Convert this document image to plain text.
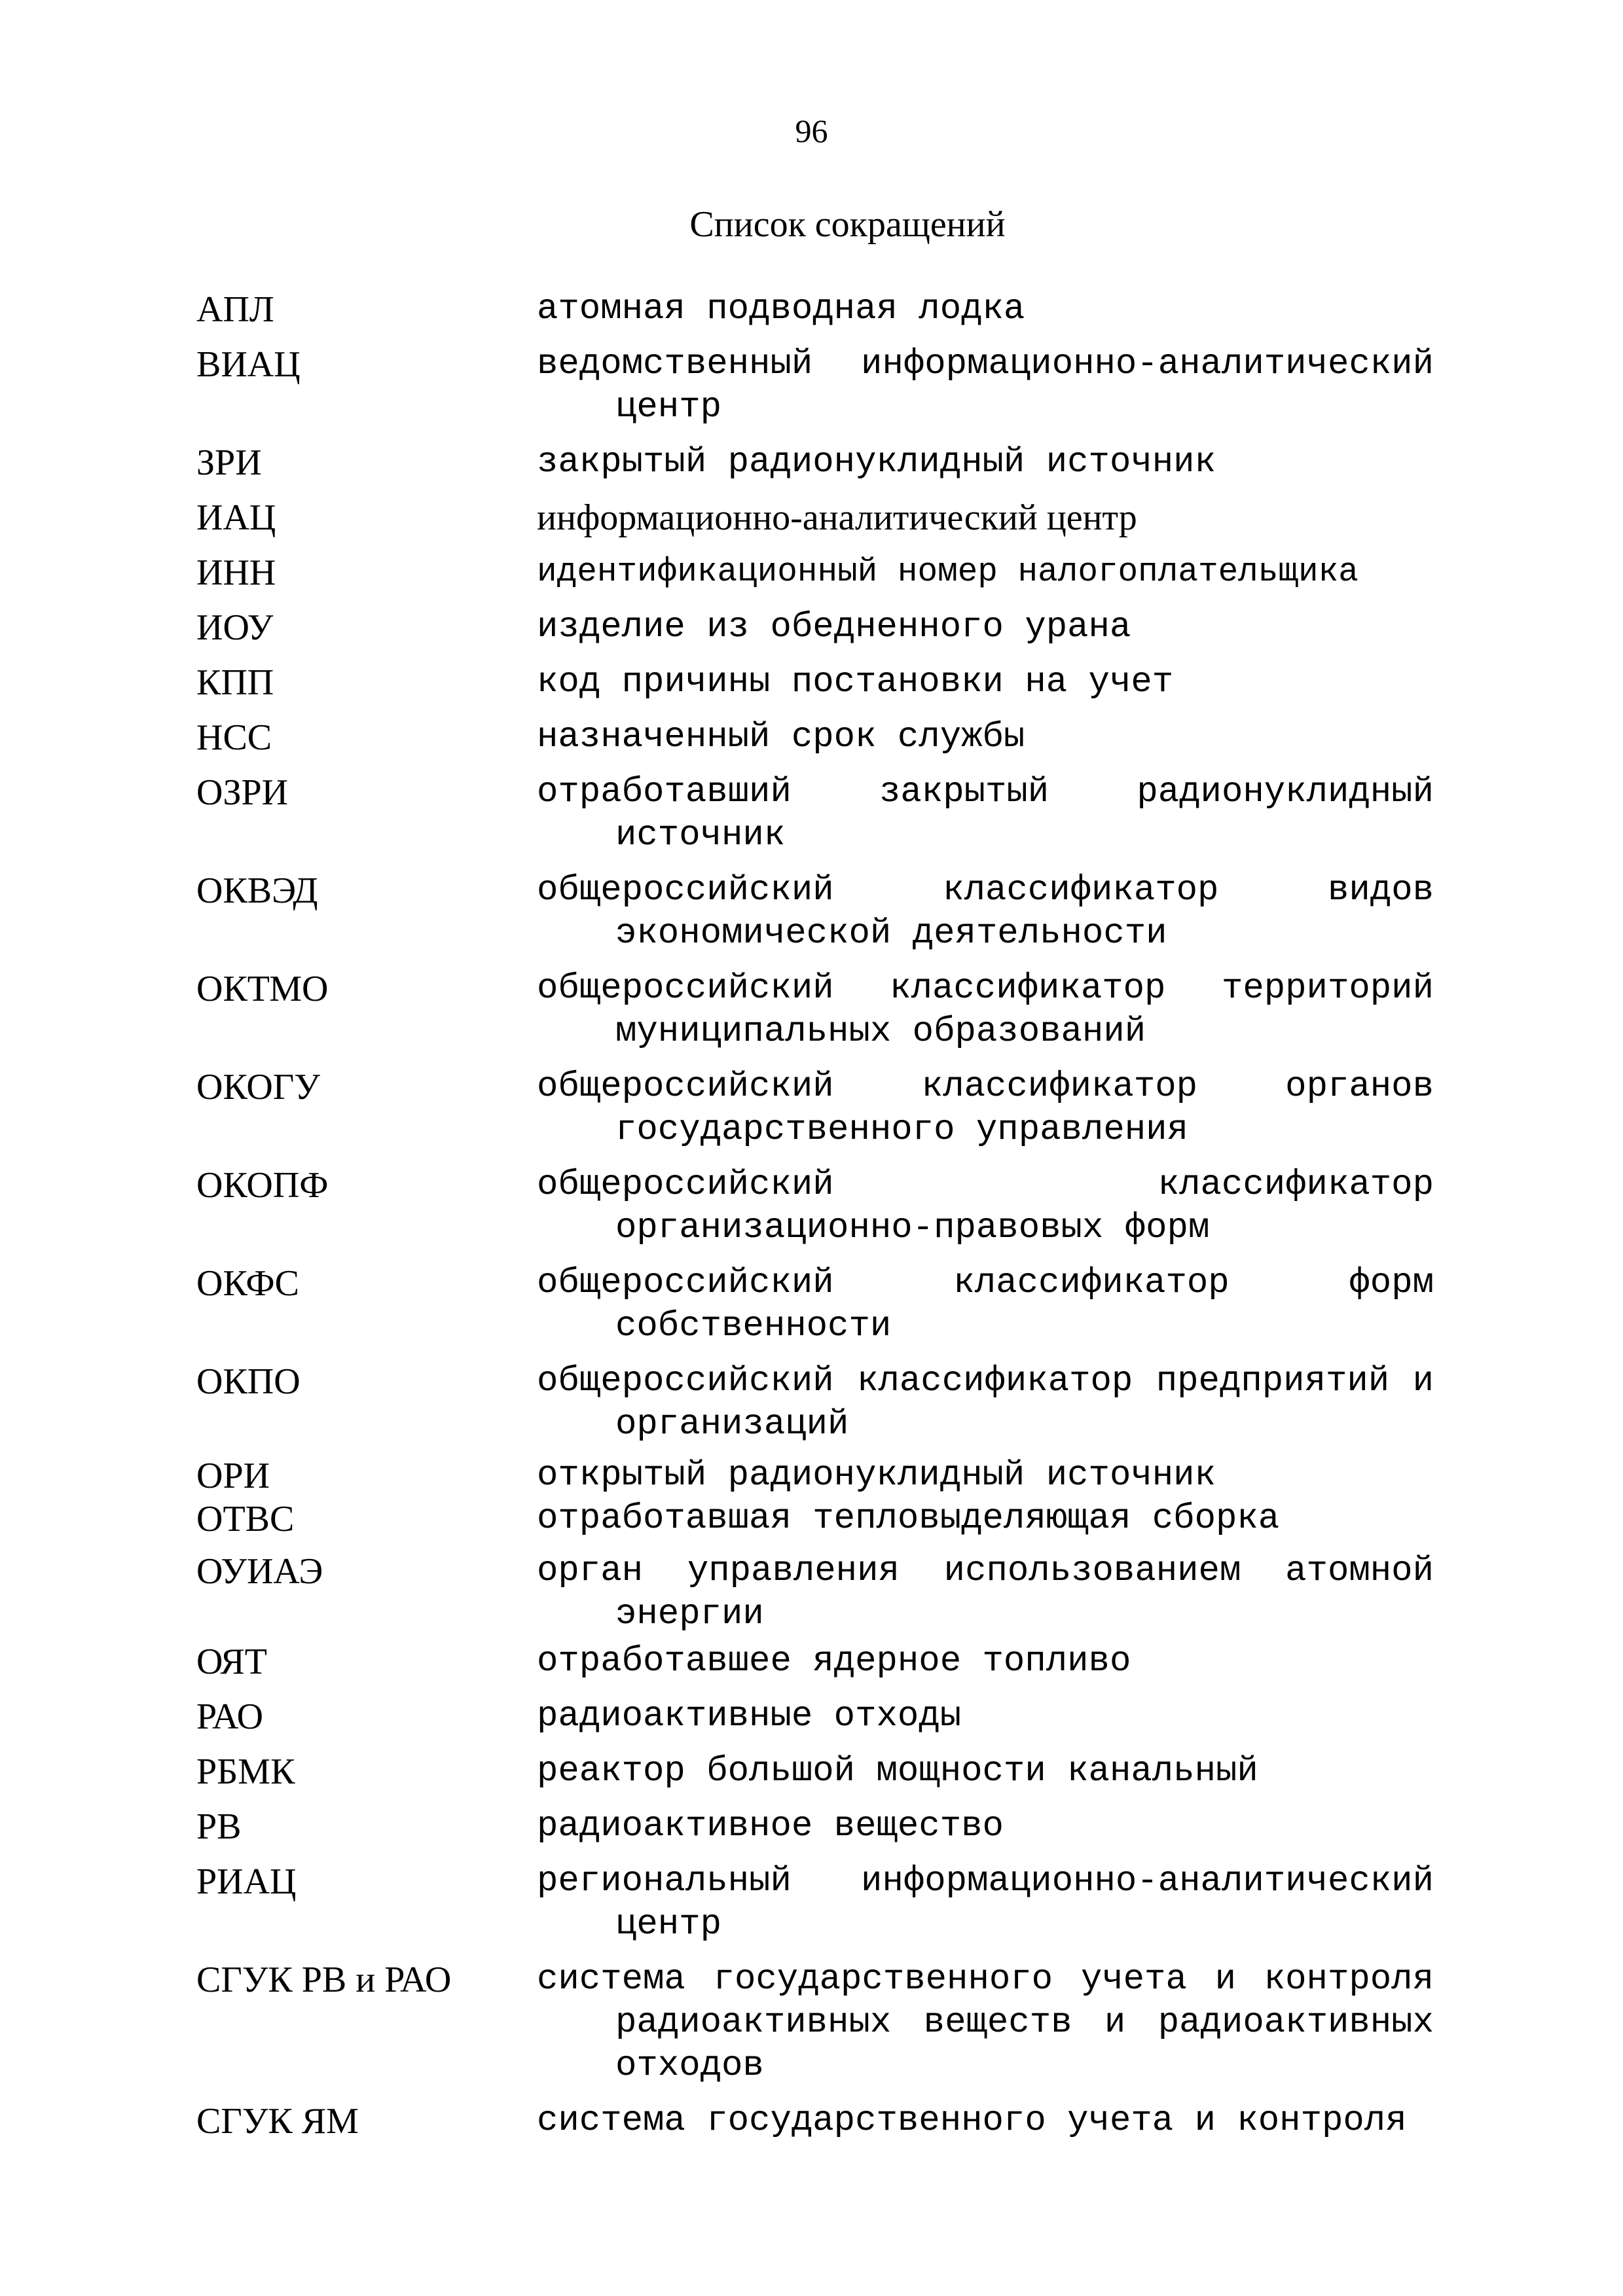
96
Список сокращений
АПЛ	атомная подводная лодка
ВИАЦ	ведомственный информационно-аналитический центр
ЗРИ	закрытый радионуклидный источник
ИАЦ	информационно-аналитический центр
ИНН	идентификационный номер налогоплательщика
ИОУ	изделие из обедненного урана
КПП	код причины постановки на учет
НСС	назначенный срок службы
ОЗРИ	отработавший закрытый радионуклидный источник
ОКВЭД	общероссийский классификатор видов экономической деятельности
ОКТМО	общероссийский классификатор территорий муниципальных образований
ОКОГУ	общероссийский классификатор органов государственного управления
ОКОПФ	общероссийский классификатор организационно-правовых форм
ОКФС	общероссийский классификатор форм собственности
ОКПО	общероссийский классификатор предприятий и организаций
ОРИ	открытый радионуклидный источник
ОТВС	отработавшая тепловыделяющая сборка
ОУИАЭ	орган управления использованием атомной энергии
ОЯТ	отработавшее ядерное топливо
РАО	радиоактивные отходы
РБМК	реактор большой мощности канальный
РВ	радиоактивное вещество
РИАЦ	региональный информационно-аналитический центр
СГУК РВ и РАО	система государственного учета и контроля радиоактивных веществ и радиоактивных отходов
СГУК ЯМ	система государственного учета и контроля
